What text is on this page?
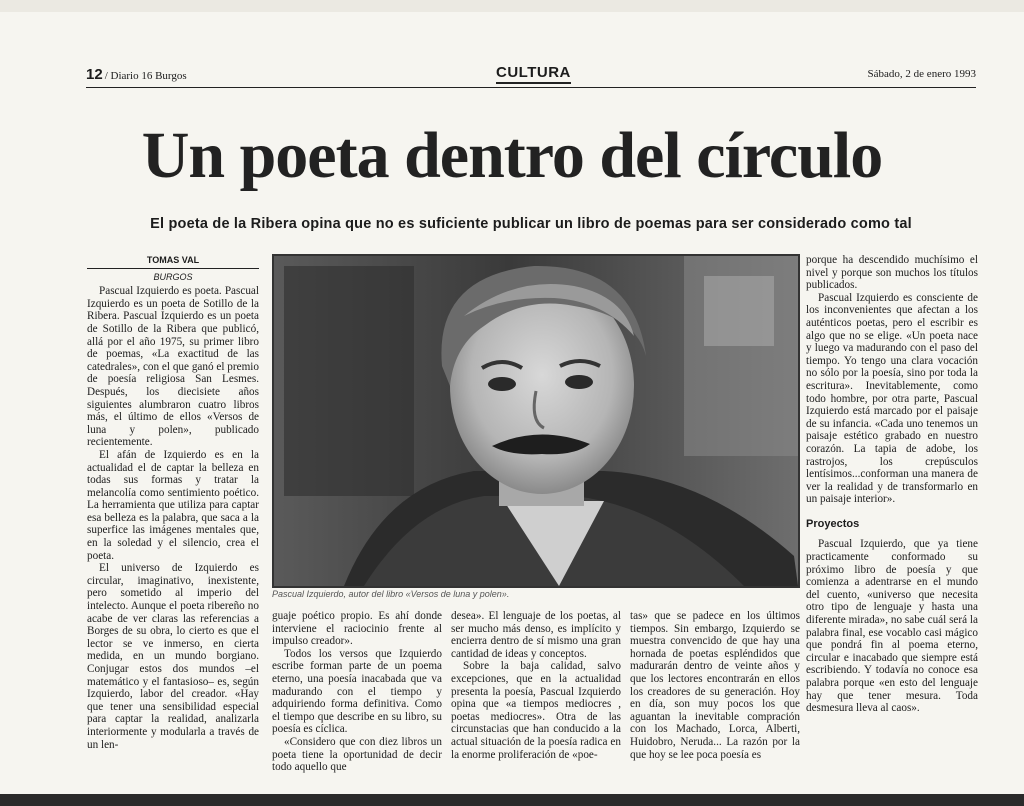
12 / Diario 16 Burgos	CULTURA	Sábado, 2 de enero 1993
Un poeta dentro del círculo
El poeta de la Ribera opina que no es suficiente publicar un libro de poemas para ser considerado como tal
TOMAS VAL
BURGOS

Pascual Izquierdo es poeta. Pascual Izquierdo es un poeta de Sotillo de la Ribera. Pascual Izquierdo es un poeta de Sotillo de la Ribera que publicó, allá por el año 1975, su primer libro de poemas, «La exactitud de las catedrales», con el que ganó el premio de poesía religiosa San Lesmes. Después, los diecisiete años siguientes alumbraron cuatro libros más, el último de ellos «Versos de luna y polen», publicado recientemente.

El afán de Izquierdo es en la actualidad el de captar la belleza en todas sus formas y tratar la melancolía como sentimiento poético. La herramienta que utiliza para captar esa belleza es la palabra, que saca a la superfice las imágenes mentales que, en la soledad y el silencio, crea el poeta.

El universo de Izquierdo es circular, imaginativo, inexistente, pero sometido al imperio del intelecto. Aunque el poeta ribereño no acabe de ver claras las referencias a Borges de su obra, lo cierto es que el lector se ve inmerso, en cierta medida, en un mundo borgiano. Conjugar estos dos mundos –el matemático y el fantasioso– es, según Izquierdo, labor del creador. «Hay que tener una sensibilidad especial para captar la realidad, analizarla interiormente y modularla a través de un len-

Pascual Izquierdo, autor del libro «Versos de luna y polen».

guaje poético propio. Es ahí donde interviene el raciocinio frente al impulso creador».

Todos los versos que Izquierdo escribe forman parte de un poema eterno, una poesía inacabada que va madurando con el tiempo y adquiriendo forma definitiva. Como el tiempo que describe en su libro, su poesía es cíclica.

«Considero que con diez libros un poeta tiene la oportunidad de decir todo aquello que

desea». El lenguaje de los poetas, al ser mucho más denso, es implícito y encierra dentro de sí mismo una gran cantidad de ideas y conceptos.

Sobre la baja calidad, salvo excepciones, que en la actualidad presenta la poesía, Pascual Izquierdo opina que «a tiempos mediocres , poetas mediocres». Otra de las circunstacias que han conducido a la actual situación de la poesía radica en la enorme proliferación de «poe-

tas» que se padece en los últimos tiempos. Sin embargo, Izquierdo se muestra convencido de que hay una hornada de poetas espléndidos que madurarán dentro de veinte años y que los lectores encontrarán en ellos los creadores de su generación. Hoy en día, son muy pocos los que aguantan la inevitable compración con los Machado, Lorca, Alberti, Huidobro, Neruda... La razón por la que hoy se lee poca poesía es

porque ha descendido muchísimo el nivel y porque son muchos los títulos publicados.

Pascual Izquierdo es consciente de los inconvenientes que afectan a los auténticos poetas, pero el escribir es algo que no se elige. «Un poeta nace y luego va madurando con el paso del tiempo. Yo tengo una clara vocación no sólo por la poesía, sino por toda la escritura». Inevitablemente, como todo hombre, por otra parte, Pascual Izquierdo está marcado por el paisaje de su infancia. «Cada uno tenemos un paisaje estético grabado en nuestro corazón. La tapia de adobe, los rastrojos, los crepúsculos lentísimos...conforman una manera de ver la realidad y de transformarlo en un paisaje interior».

Proyectos

Pascual Izquierdo, que ya tiene practicamente conformado su próximo libro de poesía y que comienza a adentrarse en el mundo del cuento, «universo que necesita otro tipo de lenguaje y hasta una diferente mirada», no sabe cuál será la palabra final, ese vocablo casi mágico que pondrá fin al poema eterno, circular e inacabado que siempre está escribiendo. Y todavía no conoce esa palabra porque «en esto del lenguaje hay que tener mesura. Toda desmesura lleva al caos».
